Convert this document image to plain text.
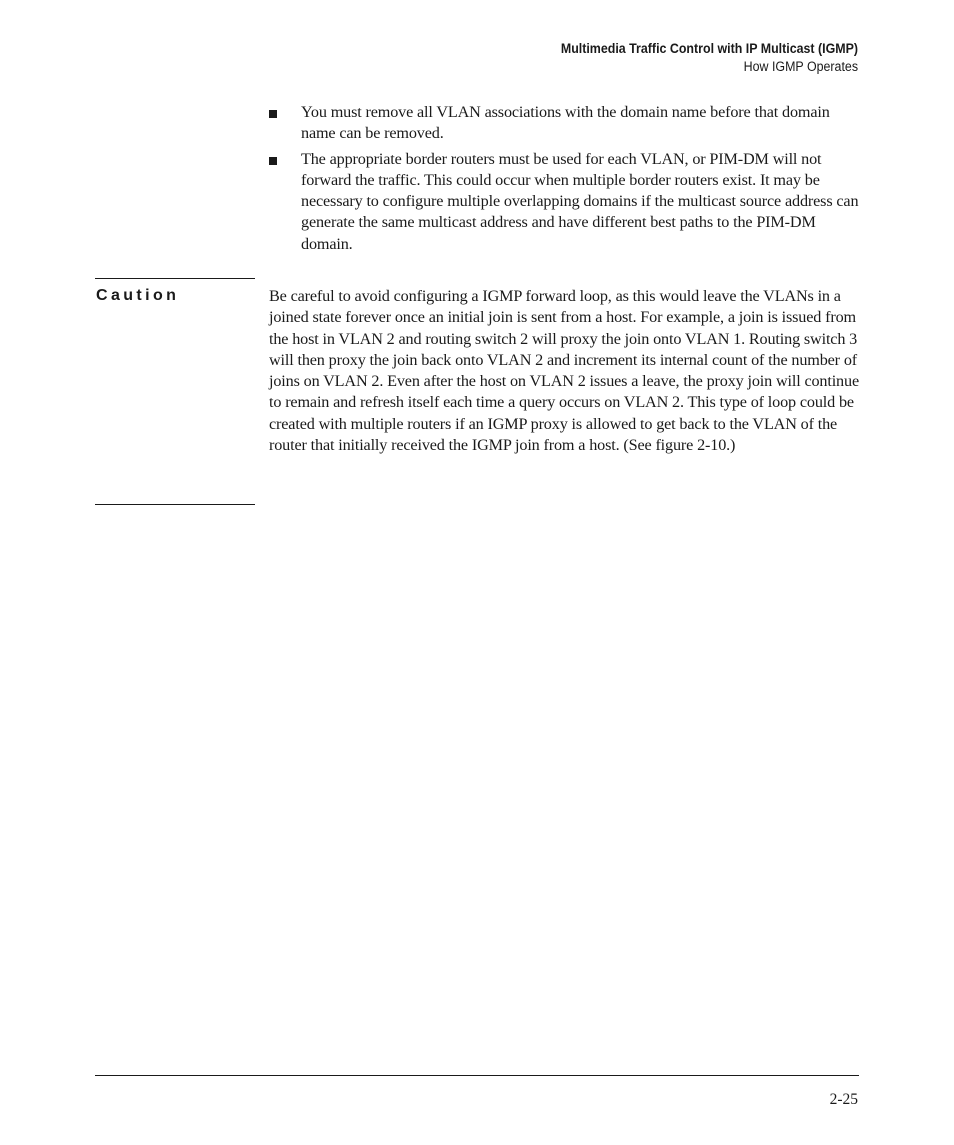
Multimedia Traffic Control with IP Multicast (IGMP)
How IGMP Operates
You must remove all VLAN associations with the domain name before that domain name can be removed.
The appropriate border routers must be used for each VLAN, or PIM-DM will not forward the traffic. This could occur when multiple border routers exist. It may be necessary to configure multiple overlapping domains if the multicast source address can generate the same multicast address and have different best paths to the PIM-DM domain.
Caution	Be careful to avoid configuring a IGMP forward loop, as this would leave the VLANs in a joined state forever once an initial join is sent from a host. For example, a join is issued from the host in VLAN 2 and routing switch 2 will proxy the join onto VLAN 1. Routing switch 3 will then proxy the join back onto VLAN 2 and increment its internal count of the number of joins on VLAN 2. Even after the host on VLAN 2 issues a leave, the proxy join will continue to remain and refresh itself each time a query occurs on VLAN 2. This type of loop could be created with multiple routers if an IGMP proxy is allowed to get back to the VLAN of the router that initially received the IGMP join from a host. (See figure 2-10.)

2-25
